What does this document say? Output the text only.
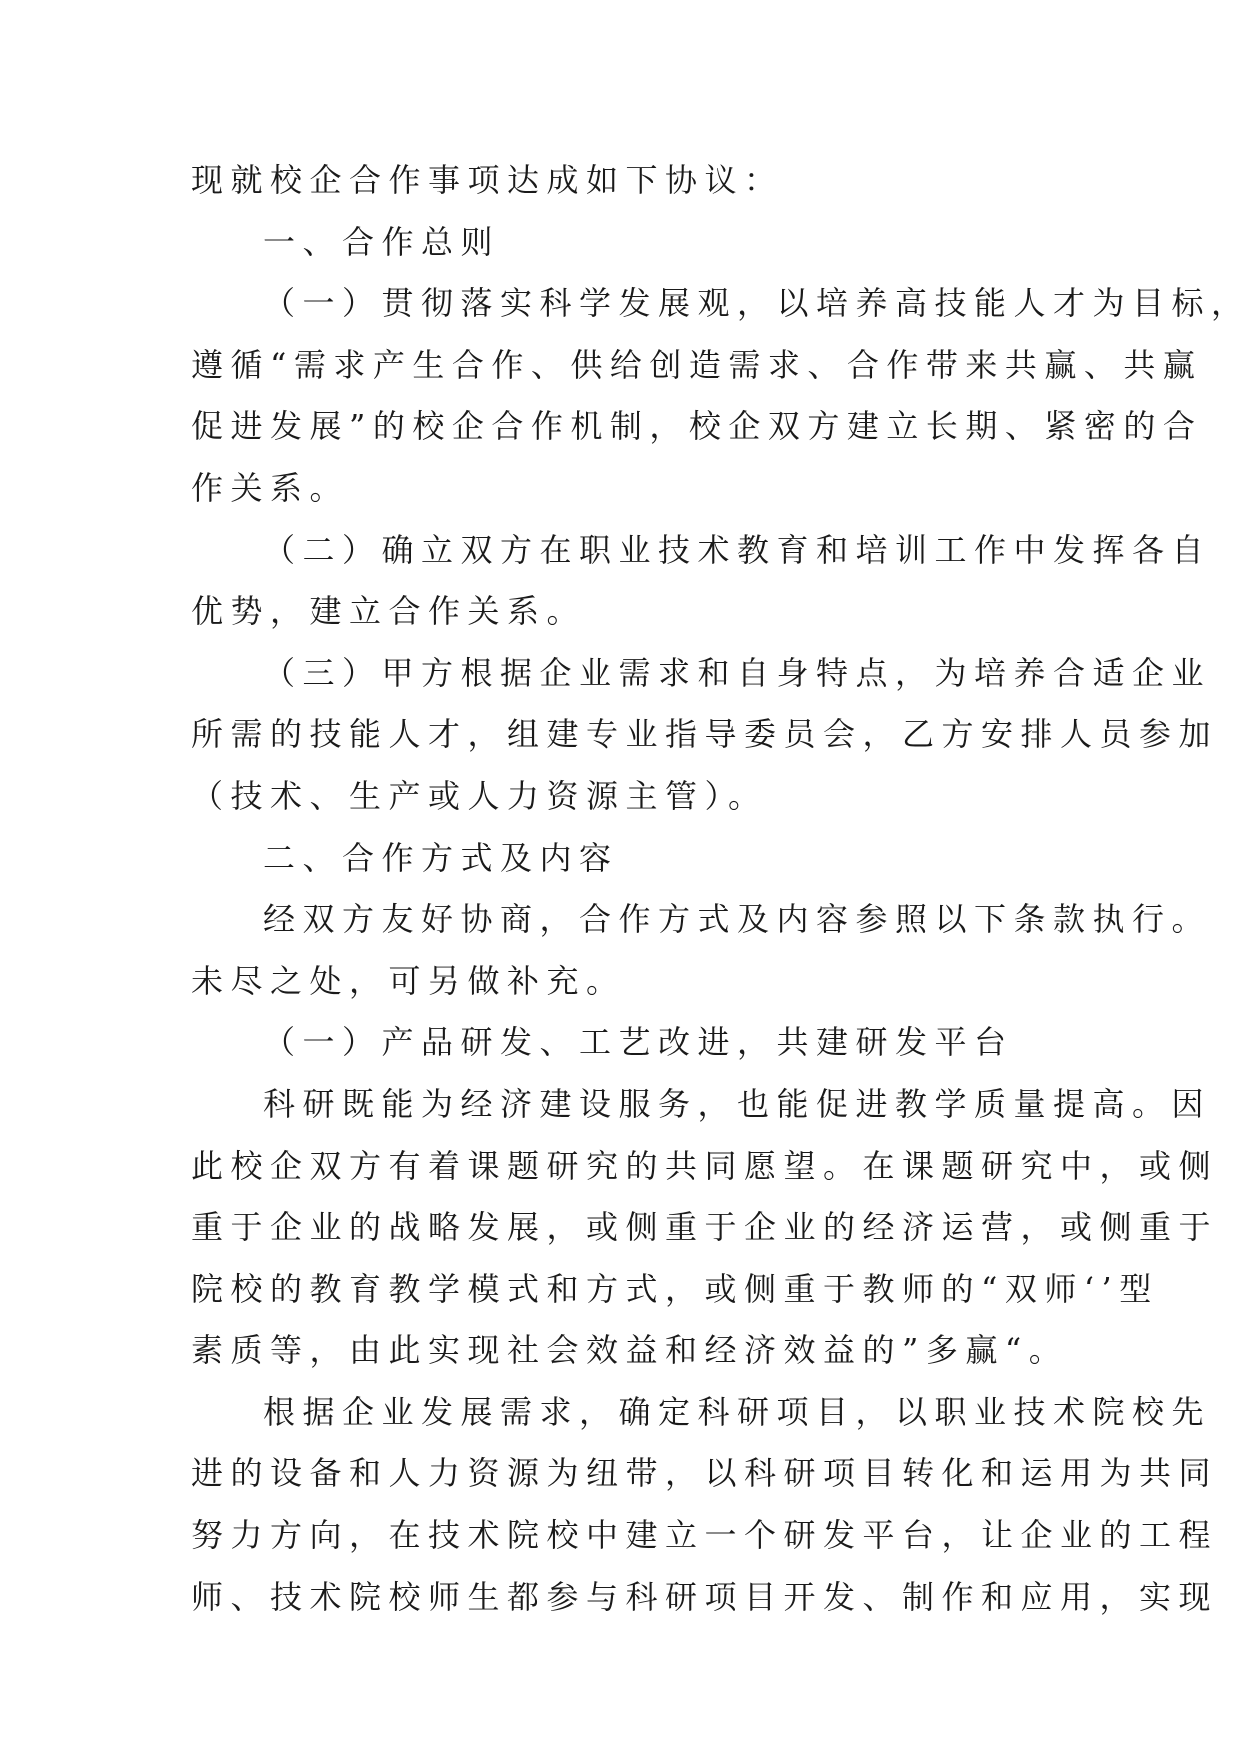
现就校企合作事项达成如下协议：
一、合作总则
（一）贯彻落实科学发展观，以培养高技能人才为目标，
遵循“需求产生合作、供给创造需求、合作带来共赢、共赢
促进发展”的校企合作机制，校企双方建立长期、紧密的合
作关系。
（二）确立双方在职业技术教育和培训工作中发挥各自
优势，建立合作关系。
（三）甲方根据企业需求和自身特点，为培养合适企业
所需的技能人才，组建专业指导委员会，乙方安排人员参加
（技术、生产或人力资源主管）。
二、合作方式及内容
经双方友好协商，合作方式及内容参照以下条款执行。
未尽之处，可另做补充。
（一）产品研发、工艺改进，共建研发平台
科研既能为经济建设服务，也能促进教学质量提高。因
此校企双方有着课题研究的共同愿望。在课题研究中，或侧
重于企业的战略发展，或侧重于企业的经济运营，或侧重于
院校的教育教学模式和方式，或侧重于教师的“双师‘’型
素质等，由此实现社会效益和经济效益的”多赢“。
根据企业发展需求，确定科研项目，以职业技术院校先
进的设备和人力资源为纽带，以科研项目转化和运用为共同
努力方向，在技术院校中建立一个研发平台，让企业的工程
师、技术院校师生都参与科研项目开发、制作和应用，实现
